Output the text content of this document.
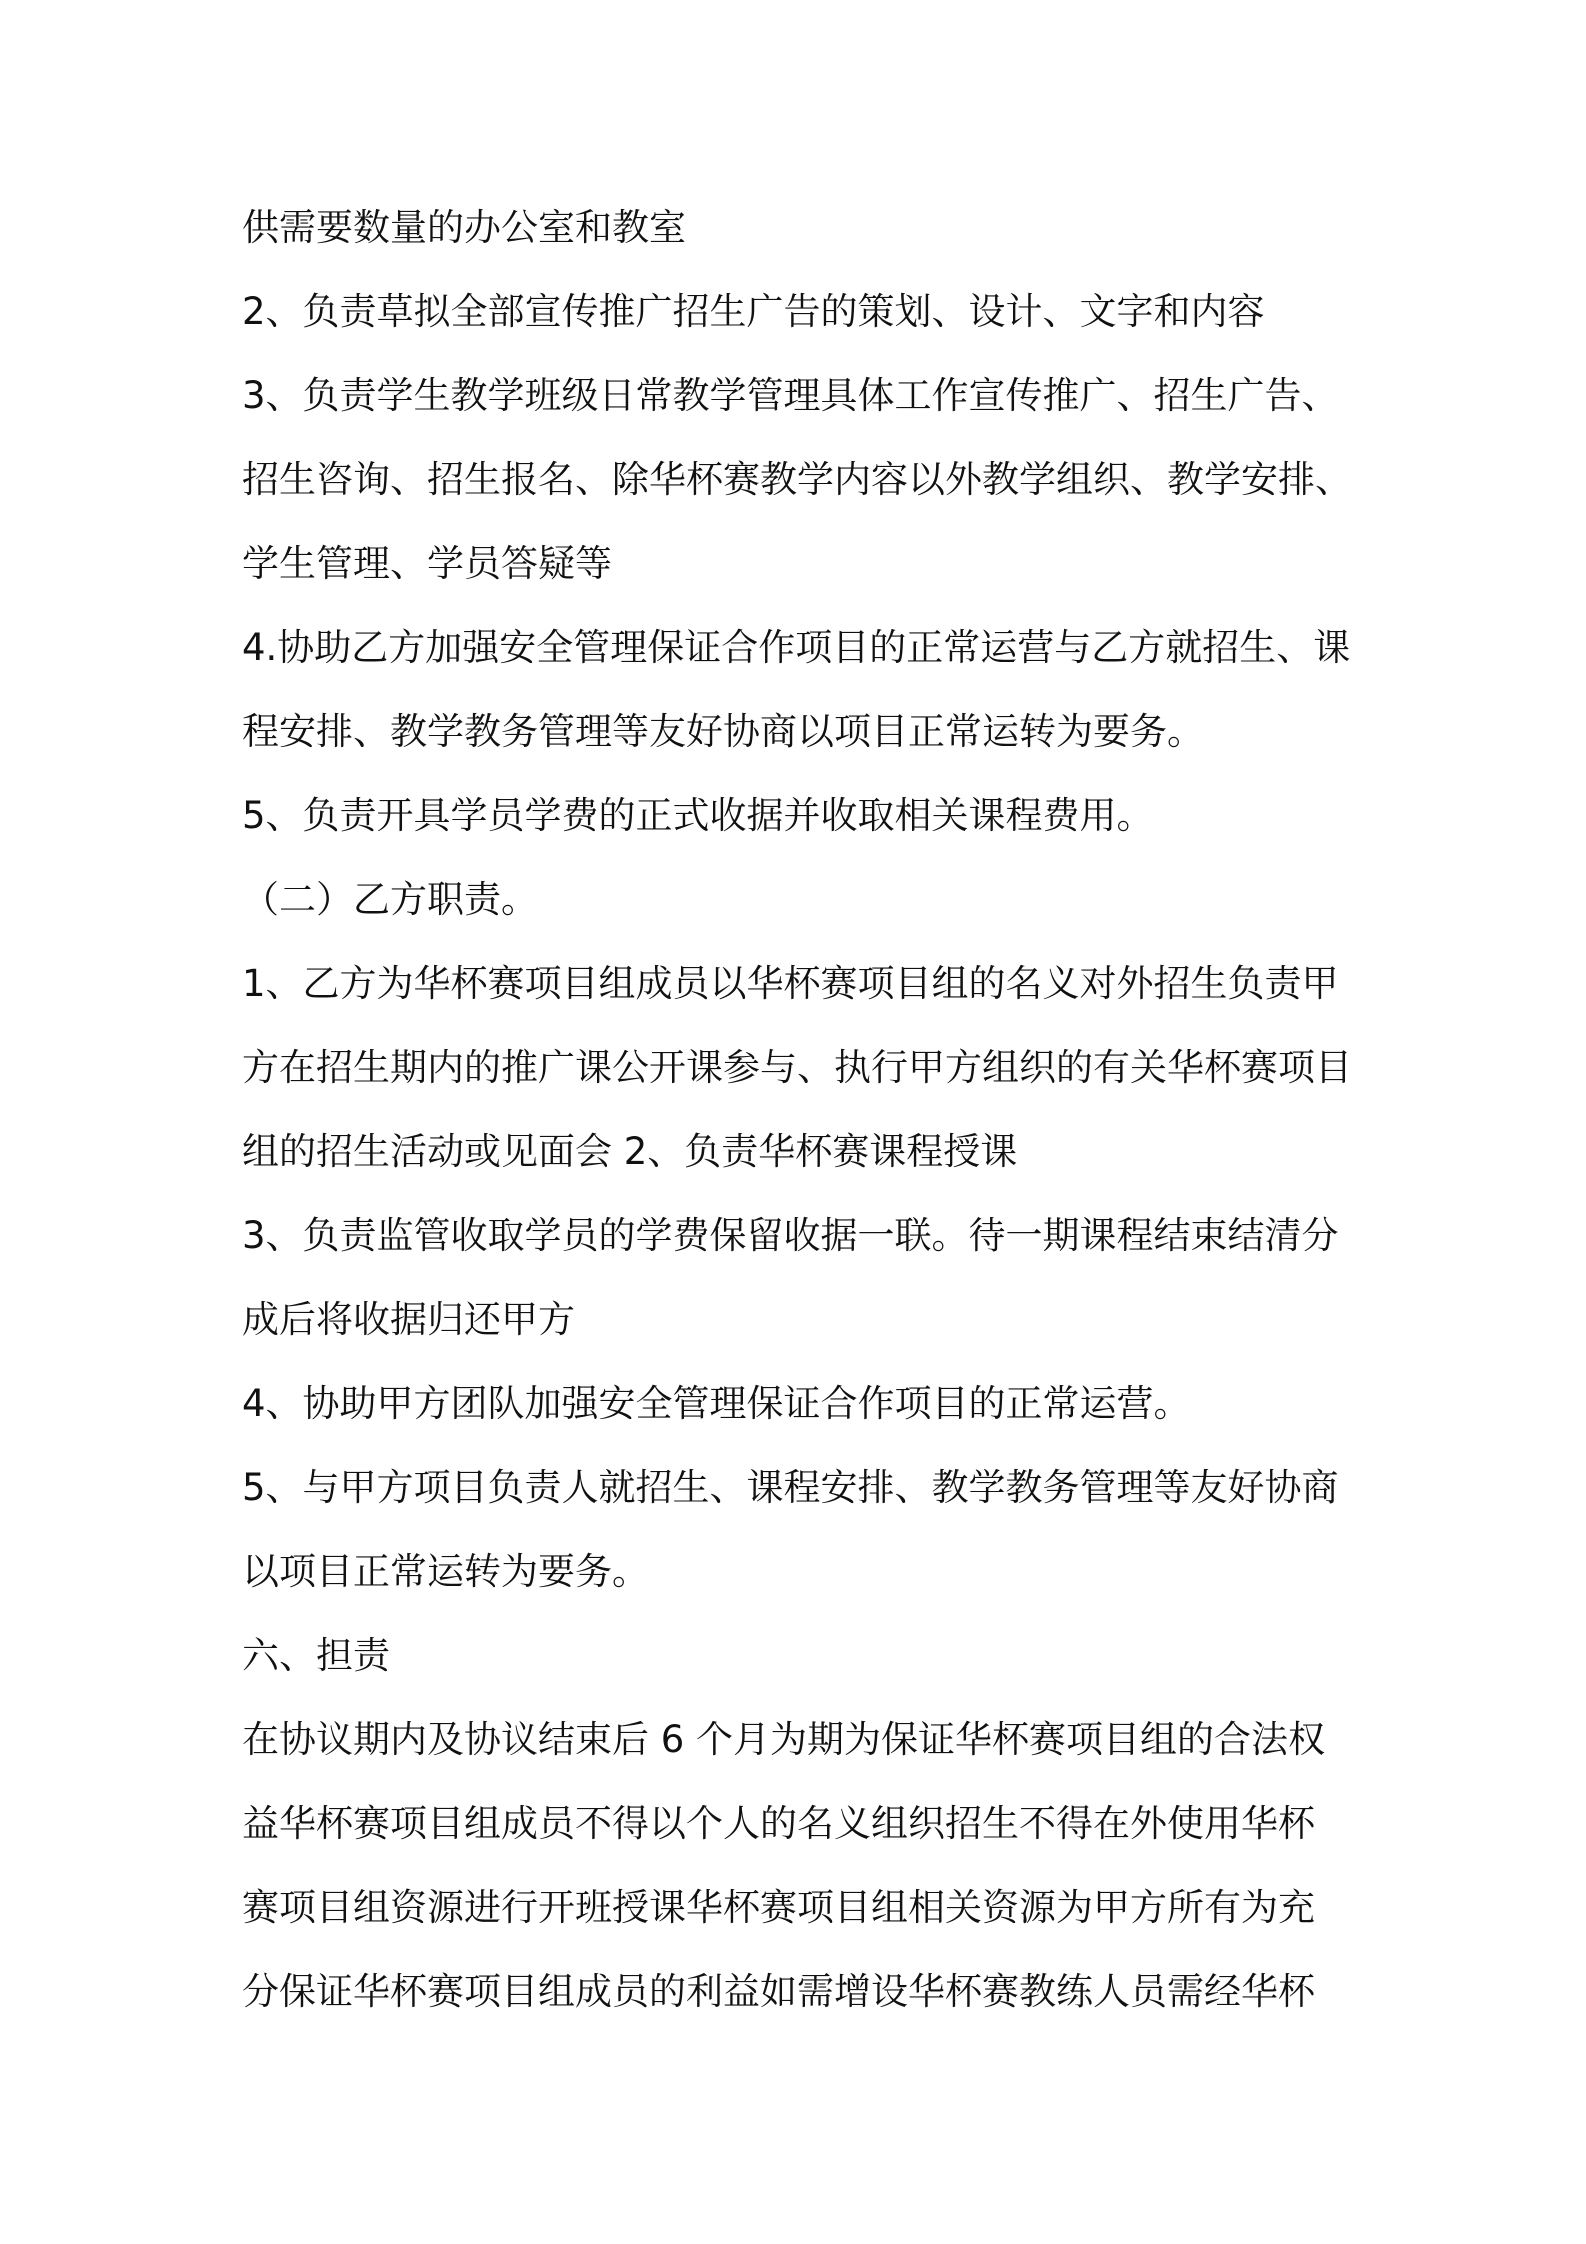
供需要数量的办公室和教室
2、负责草拟全部宣传推广招生广告的策划、设计、文字和内容
3、负责学生教学班级日常教学管理具体工作宣传推广、招生广告、
招生咨询、招生报名、除华杯赛教学内容以外教学组织、教学安排、
学生管理、学员答疑等
4.协助乙方加强安全管理保证合作项目的正常运营与乙方就招生、课
程安排、教学教务管理等友好协商以项目正常运转为要务。
5、负责开具学员学费的正式收据并收取相关课程费用。
（二）乙方职责。
1、乙方为华杯赛项目组成员以华杯赛项目组的名义对外招生负责甲
方在招生期内的推广课公开课参与、执行甲方组织的有关华杯赛项目
组的招生活动或见面会 2、负责华杯赛课程授课
3、负责监管收取学员的学费保留收据一联。待一期课程结束结清分
成后将收据归还甲方
4、协助甲方团队加强安全管理保证合作项目的正常运营。
5、与甲方项目负责人就招生、课程安排、教学教务管理等友好协商
以项目正常运转为要务。
六、担责
在协议期内及协议结束后 6 个月为期为保证华杯赛项目组的合法权
益华杯赛项目组成员不得以个人的名义组织招生不得在外使用华杯
赛项目组资源进行开班授课华杯赛项目组相关资源为甲方所有为充
分保证华杯赛项目组成员的利益如需增设华杯赛教练人员需经华杯
